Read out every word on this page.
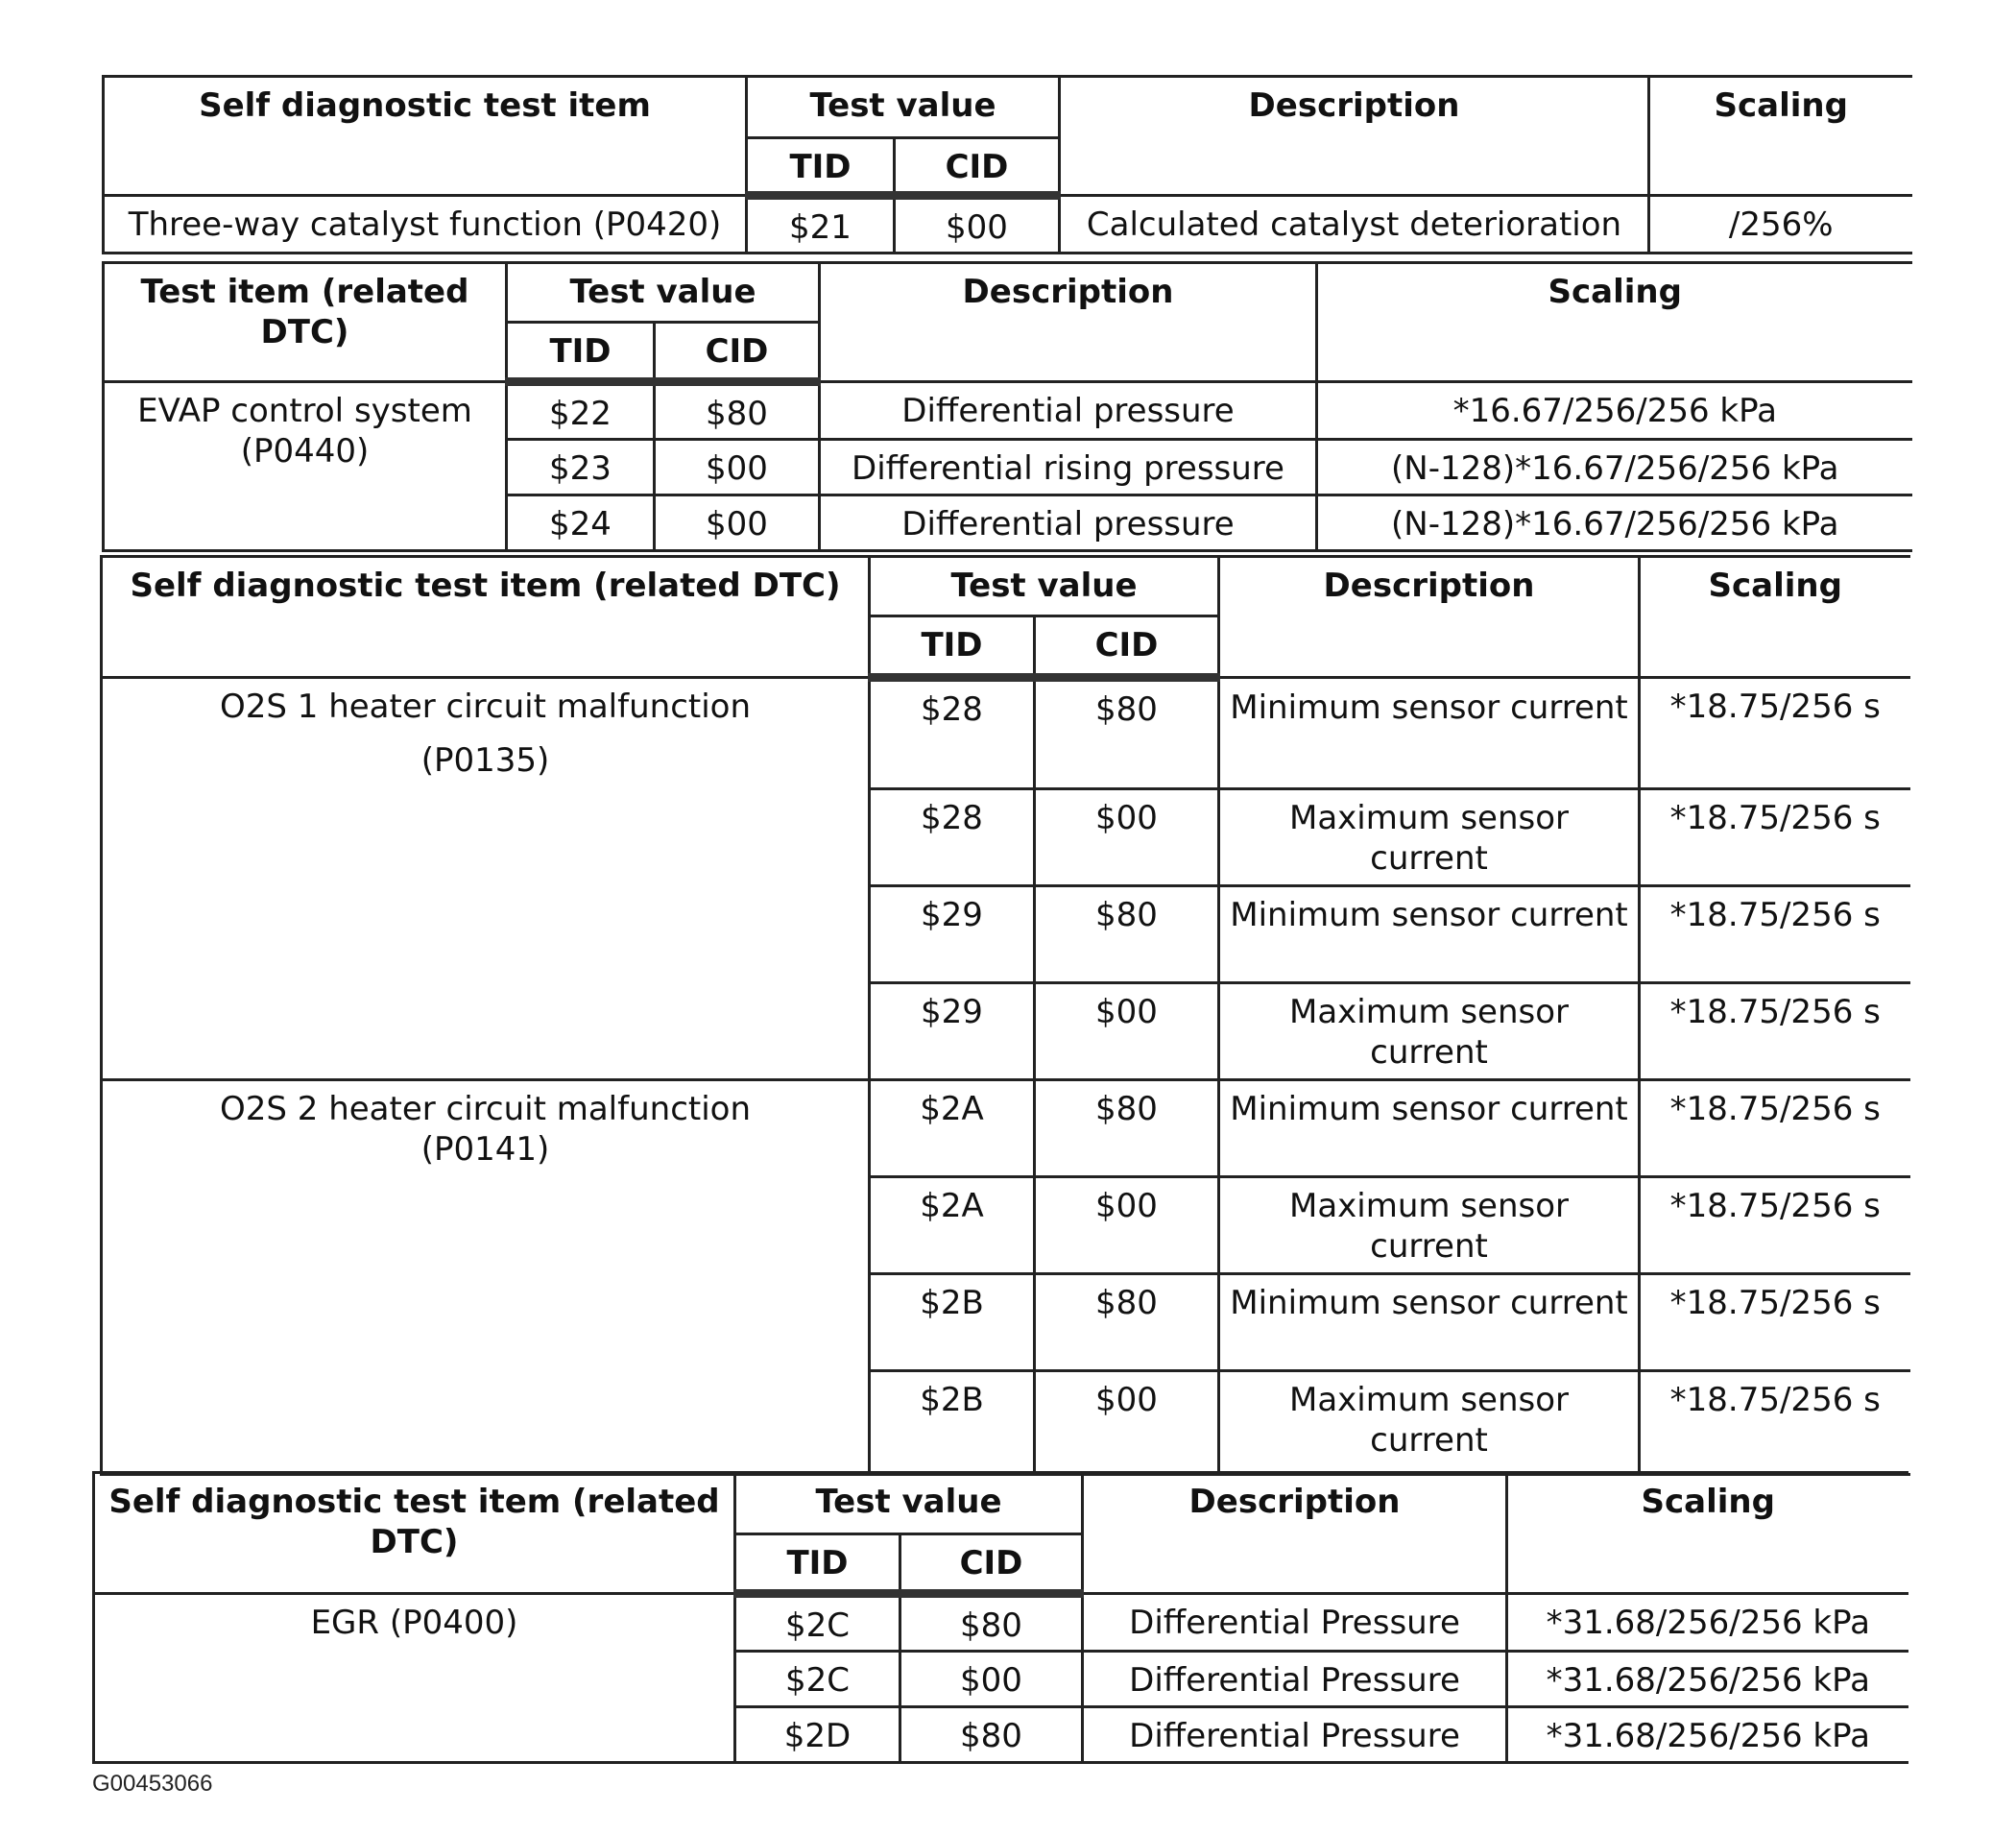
Self diagnostic test item	Test value		Description	Scaling
	TID	CID		
Three-way catalyst function (P0420)	$21	$00	Calculated catalyst deterioration	/256%
Test item (related DTC)	Test value		Description	Scaling
	TID	CID		
EVAP control system (P0440)	$22	$80	Differential pressure	*16.67/256/256 kPa
	$23	$00	Differential rising pressure	(N-128)*16.67/256/256 kPa
	$24	$00	Differential pressure	(N-128)*16.67/256/256 kPa
Self diagnostic test item (related DTC)	Test value		Description	Scaling
	TID	CID		

O2S 1 heater circuit malfunction
(P0135)	$28	$80	Minimum sensor current	*18.75/256 s
	$28	$00	Maximum sensor current	*18.75/256 s
	$29	$80	Minimum sensor current	*18.75/256 s
	$29	$00	Maximum sensor current	*18.75/256 s

O2S 2 heater circuit malfunction
(P0141)	$2A	$80	Minimum sensor current	*18.75/256 s
	$2A	$00	Maximum sensor current	*18.75/256 s
	$2B	$80	Minimum sensor current	*18.75/256 s
	$2B	$00	Maximum sensor current	*18.75/256 s
Self diagnostic test item (related DTC)	Test value		Description	Scaling
	TID	CID		
EGR (P0400)	$2C	$80	Differential Pressure	*31.68/256/256 kPa
	$2C	$00	Differential Pressure	*31.68/256/256 kPa
	$2D	$80	Differential Pressure	*31.68/256/256 kPa
G00453066
